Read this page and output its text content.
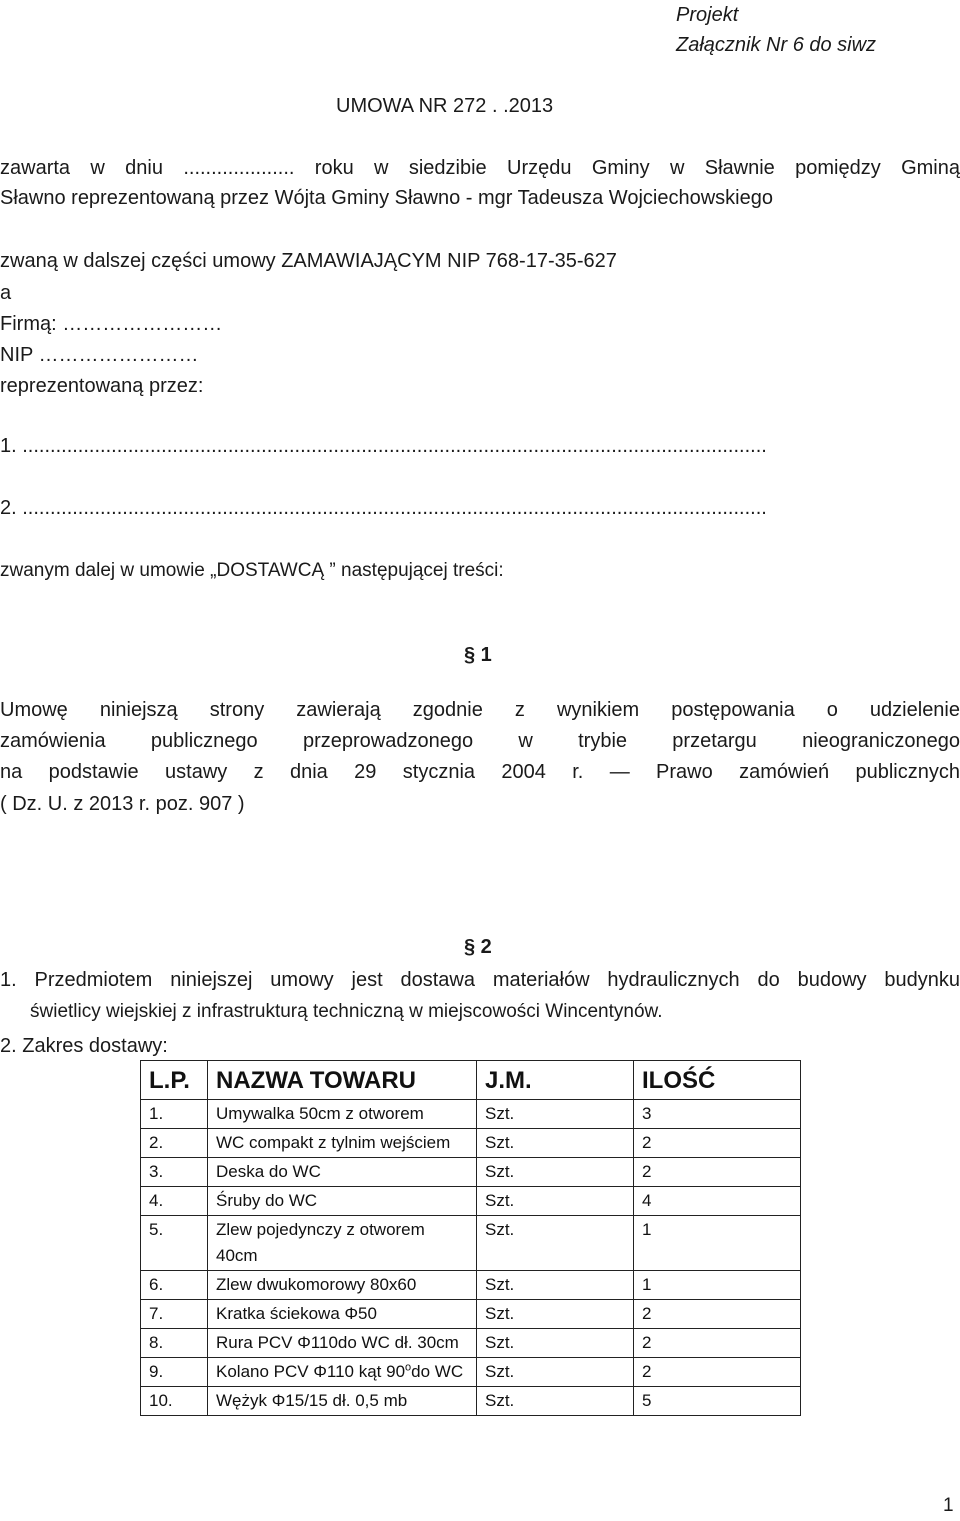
Projekt
Załącznik Nr 6 do siwz
UMOWA NR 272 . .2013
zawarta w dniu .................... roku w siedzibie Urzędu Gminy w Sławnie pomiędzy Gminą
Sławno reprezentowaną przez Wójta Gminy Sławno - mgr Tadeusza Wojciechowskiego
zwaną w dalszej części umowy ZAMAWIAJĄCYM NIP 768-17-35-627
a
Firmą: ……………………
NIP ……………………
reprezentowaną przez:
1. ......................................................................................................................................
2. ......................................................................................................................................
zwanym dalej w umowie „DOSTAWCĄ ” następującej treści:
§ 1
Umowę niniejszą strony zawierają zgodnie z wynikiem postępowania o udzielenie
zamówienia publicznego przeprowadzonego w trybie przetargu nieograniczonego
na podstawie ustawy z dnia 29 stycznia 2004 r. — Prawo zamówień publicznych
( Dz. U. z 2013 r. poz. 907 )
§ 2
1. Przedmiotem niniejszej umowy jest dostawa materiałów hydraulicznych do budowy budynku
świetlicy wiejskiej z infrastrukturą techniczną w miejscowości Wincentynów.
2. Zakres dostawy:
L.P.	NAZWA TOWARU	J.M.	ILOŚĆ
1.	Umywalka 50cm z otworem	Szt.	3
2.	WC compakt z tylnim wejściem	Szt.	2
3.	Deska do WC	Szt.	2
4.	Śruby do WC	Szt.	4
5.	Zlew pojedynczy z otworem 40cm	Szt.	1
6.	Zlew dwukomorowy 80x60	Szt.	1
7.	Kratka ściekowa Φ50	Szt.	2
8.	Rura PCV Φ110do WC dł. 30cm	Szt.	2
9.	Kolano PCV Φ110 kąt 90$^o$do WC	Szt.	2
10.	Wężyk Φ15/15 dł. 0,5 mb	Szt.	5
1
